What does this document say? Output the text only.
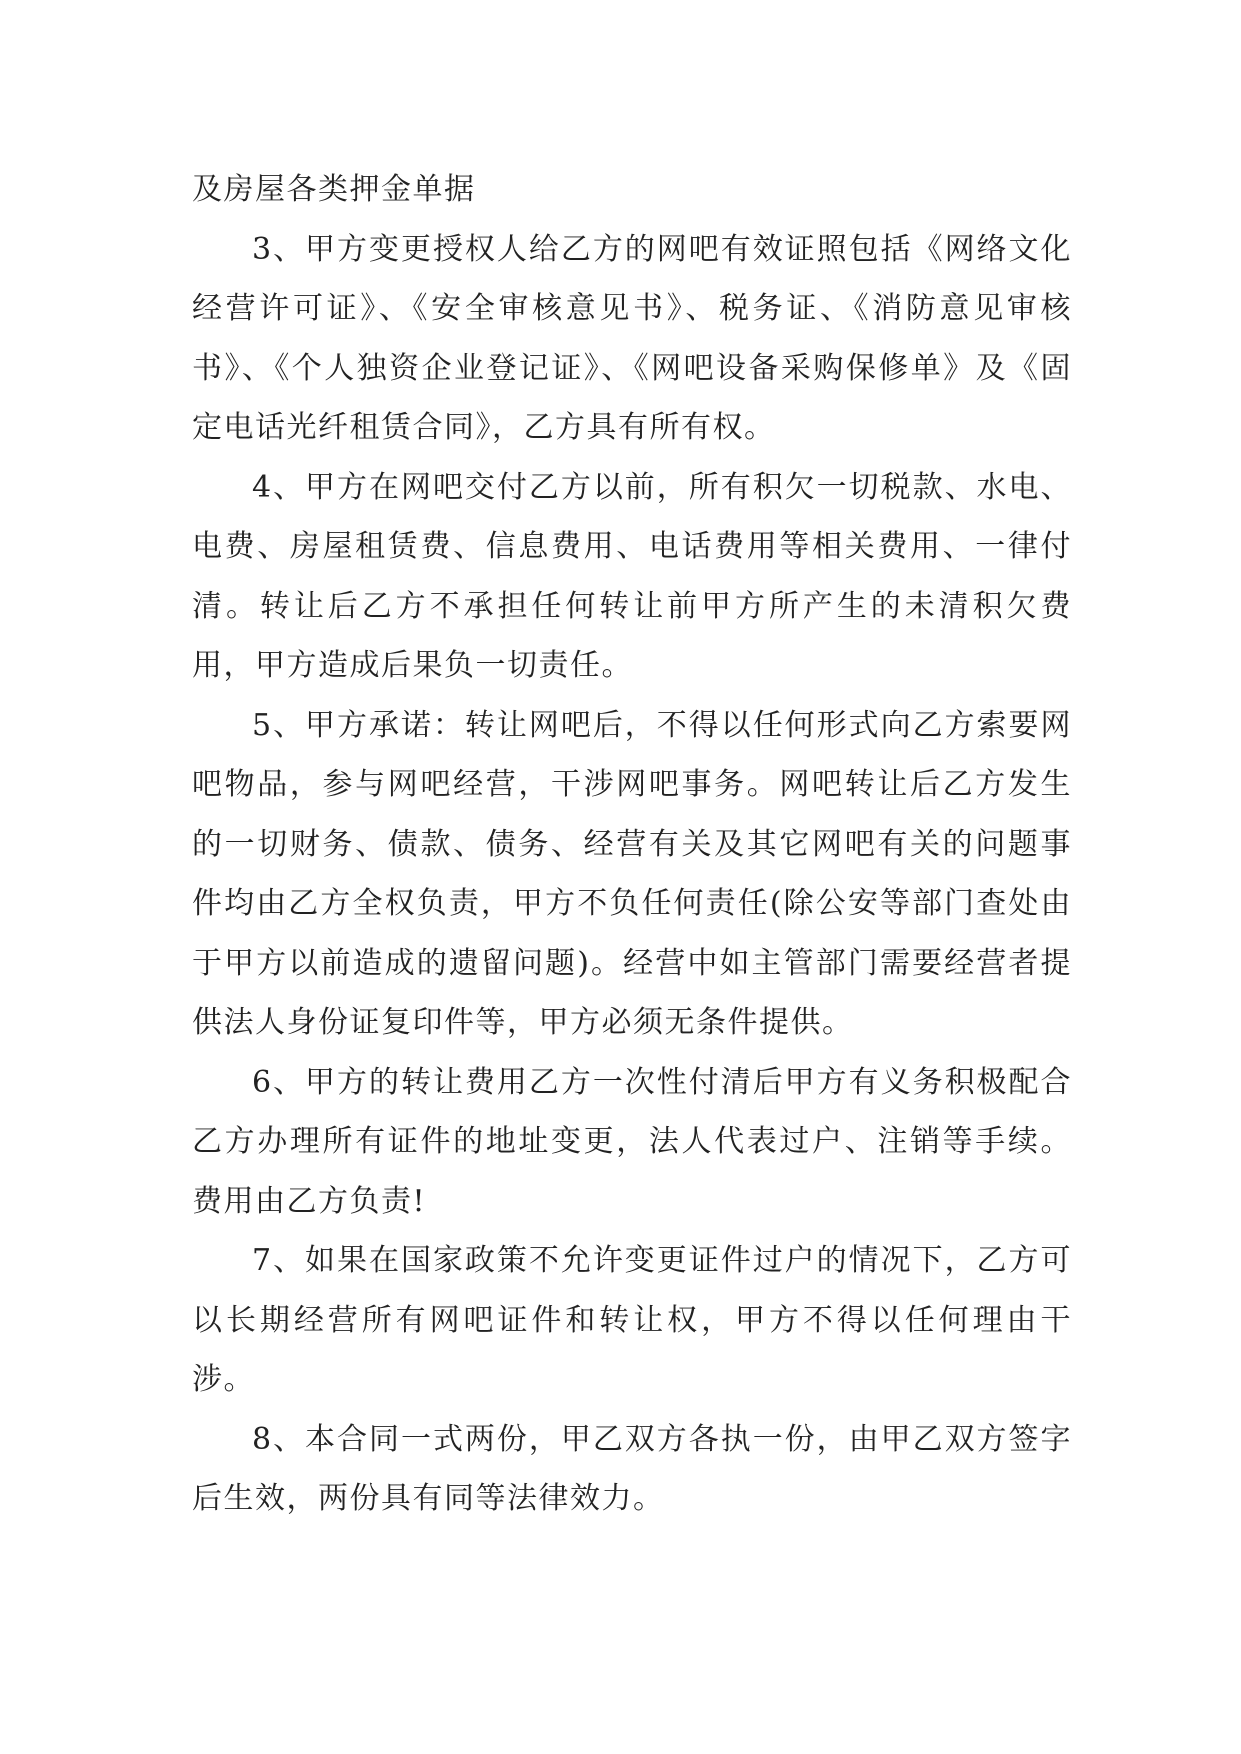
及房屋各类押金单据

3、甲方变更授权人给乙方的网吧有效证照包括《网络文化经营许可证》、《安全审核意见书》、税务证、《消防意见审核书》、《个人独资企业登记证》、《网吧设备采购保修单》及《固定电话光纤租赁合同》，乙方具有所有权。

4、甲方在网吧交付乙方以前，所有积欠一切税款、水电、电费、房屋租赁费、信息费用、电话费用等相关费用、一律付清。转让后乙方不承担任何转让前甲方所产生的未清积欠费用，甲方造成后果负一切责任。

5、甲方承诺：转让网吧后，不得以任何形式向乙方索要网吧物品，参与网吧经营，干涉网吧事务。网吧转让后乙方发生的一切财务、债款、债务、经营有关及其它网吧有关的问题事件均由乙方全权负责，甲方不负任何责任(除公安等部门查处由于甲方以前造成的遗留问题)。经营中如主管部门需要经营者提供法人身份证复印件等，甲方必须无条件提供。

6、甲方的转让费用乙方一次性付清后甲方有义务积极配合乙方办理所有证件的地址变更，法人代表过户、注销等手续。费用由乙方负责!

7、如果在国家政策不允许变更证件过户的情况下，乙方可以长期经营所有网吧证件和转让权，甲方不得以任何理由干涉。

8、本合同一式两份，甲乙双方各执一份，由甲乙双方签字后生效，两份具有同等法律效力。
